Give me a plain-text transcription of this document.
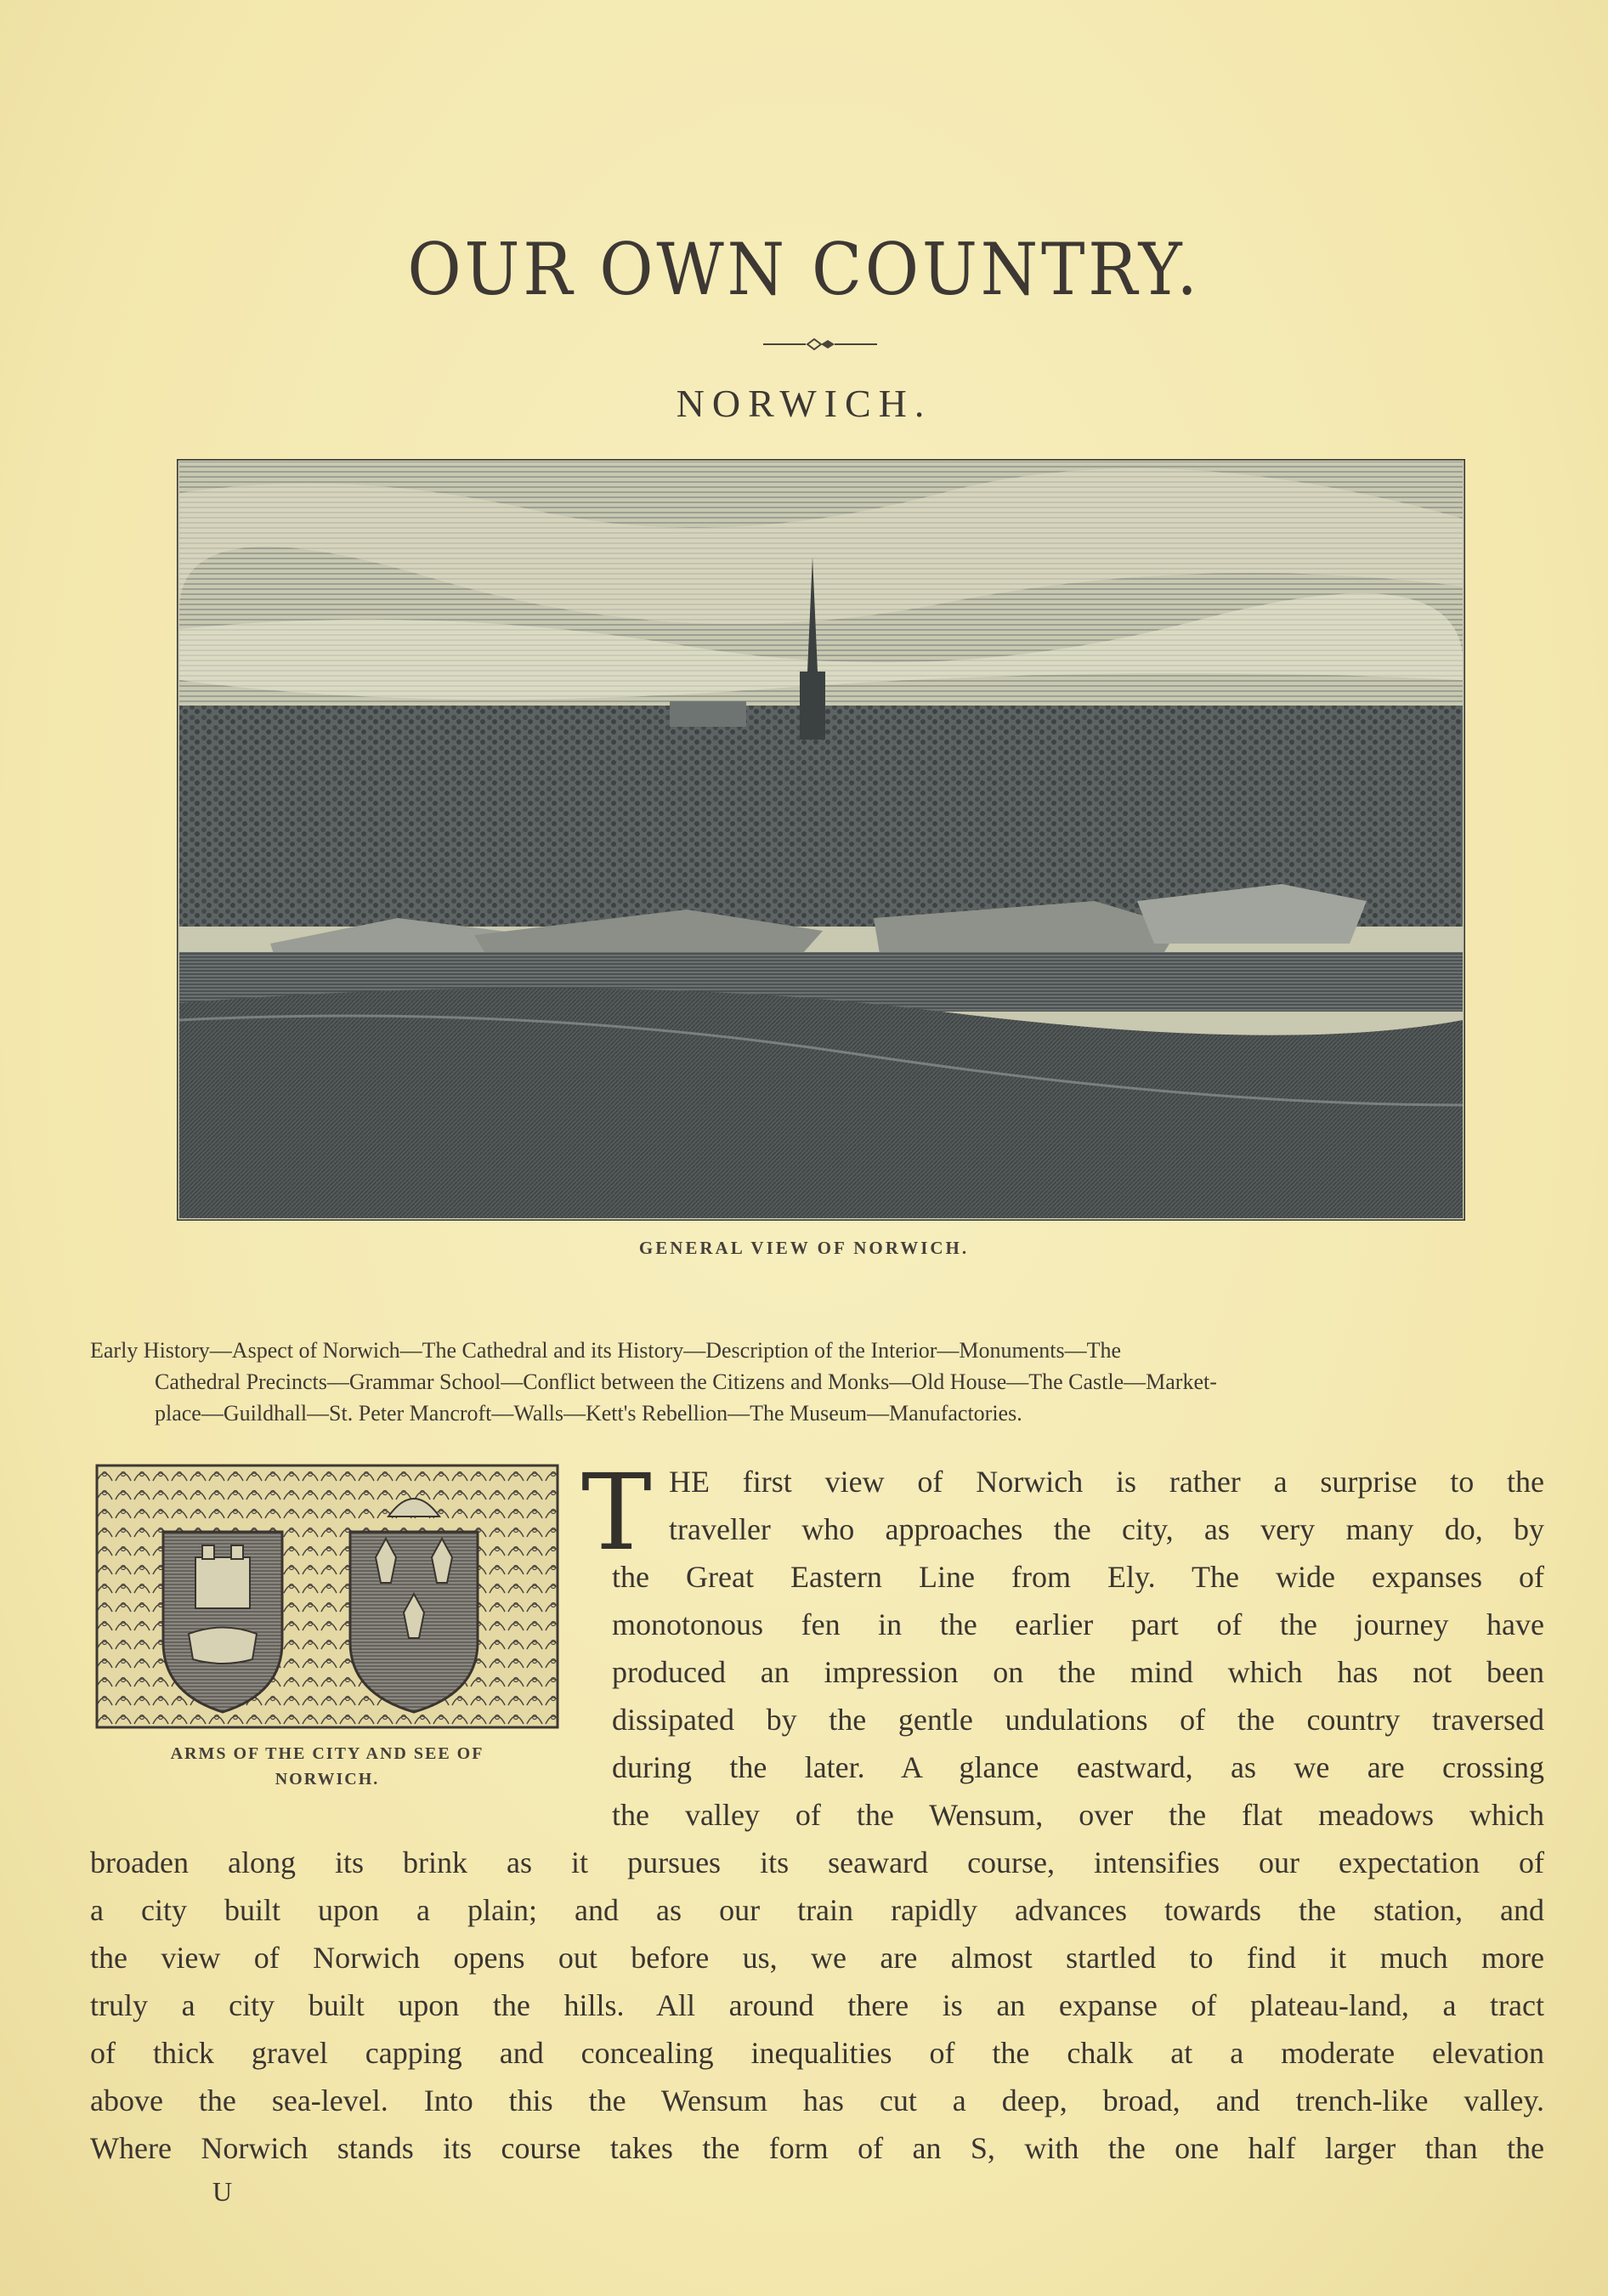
OUR OWN COUNTRY.
NORWICH.
GENERAL VIEW OF NORWICH.
Early History—Aspect of Norwich—The Cathedral and its History—Description of the Interior—Monuments—The
Cathedral Precincts—Grammar School—Conflict between the Citizens and Monks—Old House—The Castle—Market-
place—Guildhall—St. Peter Mancroft—Walls—Kett's Rebellion—The Museum—Manufactories.
ARMS OF THE CITY AND SEE OF
NORWICH.
T HE first view of Norwich is rather a surprise to the
traveller who approaches the city, as very many do, by
the Great Eastern Line from Ely. The wide expanses of
monotonous fen in the earlier part of the journey have
produced an impression on the mind which has not been
dissipated by the gentle undulations of the country traversed
during the later. A glance eastward, as we are crossing
the valley of the Wensum, over the flat meadows which
broaden along its brink as it pursues its seaward course, intensifies our expectation of
a city built upon a plain; and as our train rapidly advances towards the station, and
the view of Norwich opens out before us, we are almost startled to find it much more
truly a city built upon the hills. All around there is an expanse of plateau-land, a tract
of thick gravel capping and concealing inequalities of the chalk at a moderate elevation
above the sea-level. Into this the Wensum has cut a deep, broad, and trench-like valley.
Where Norwich stands its course takes the form of an S, with the one half larger than the
U
